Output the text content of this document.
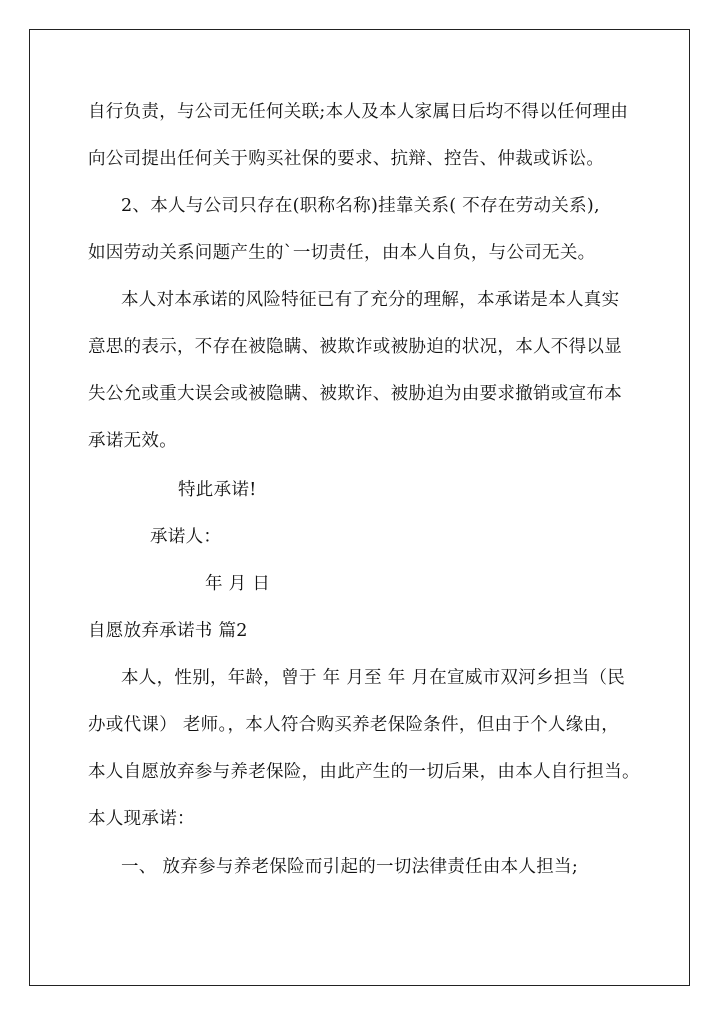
自行负责，与公司无任何关联;本人及本人家属日后均不得以任何理由
向公司提出任何关于购买社保的要求、抗辩、控告、仲裁或诉讼。
2、本人与公司只存在(职称名称)挂靠关系( 不存在劳动关系),
如因劳动关系问题产生的`一切责任，由本人自负，与公司无关。
本人对本承诺的风险特征已有了充分的理解，本承诺是本人真实
意思的表示，不存在被隐瞒、被欺诈或被胁迫的状况，本人不得以显
失公允或重大误会或被隐瞒、被欺诈、被胁迫为由要求撤销或宣布本
承诺无效。
特此承诺!
承诺人：
年 月 日
自愿放弃承诺书 篇2
本人，性别，年龄，曾于 年 月至 年 月在宣威市双河乡担当（民
办或代课） 老师。，本人符合购买养老保险条件，但由于个人缘由，
本人自愿放弃参与养老保险，由此产生的一切后果，由本人自行担当。
本人现承诺：
一、 放弃参与养老保险而引起的一切法律责任由本人担当;
